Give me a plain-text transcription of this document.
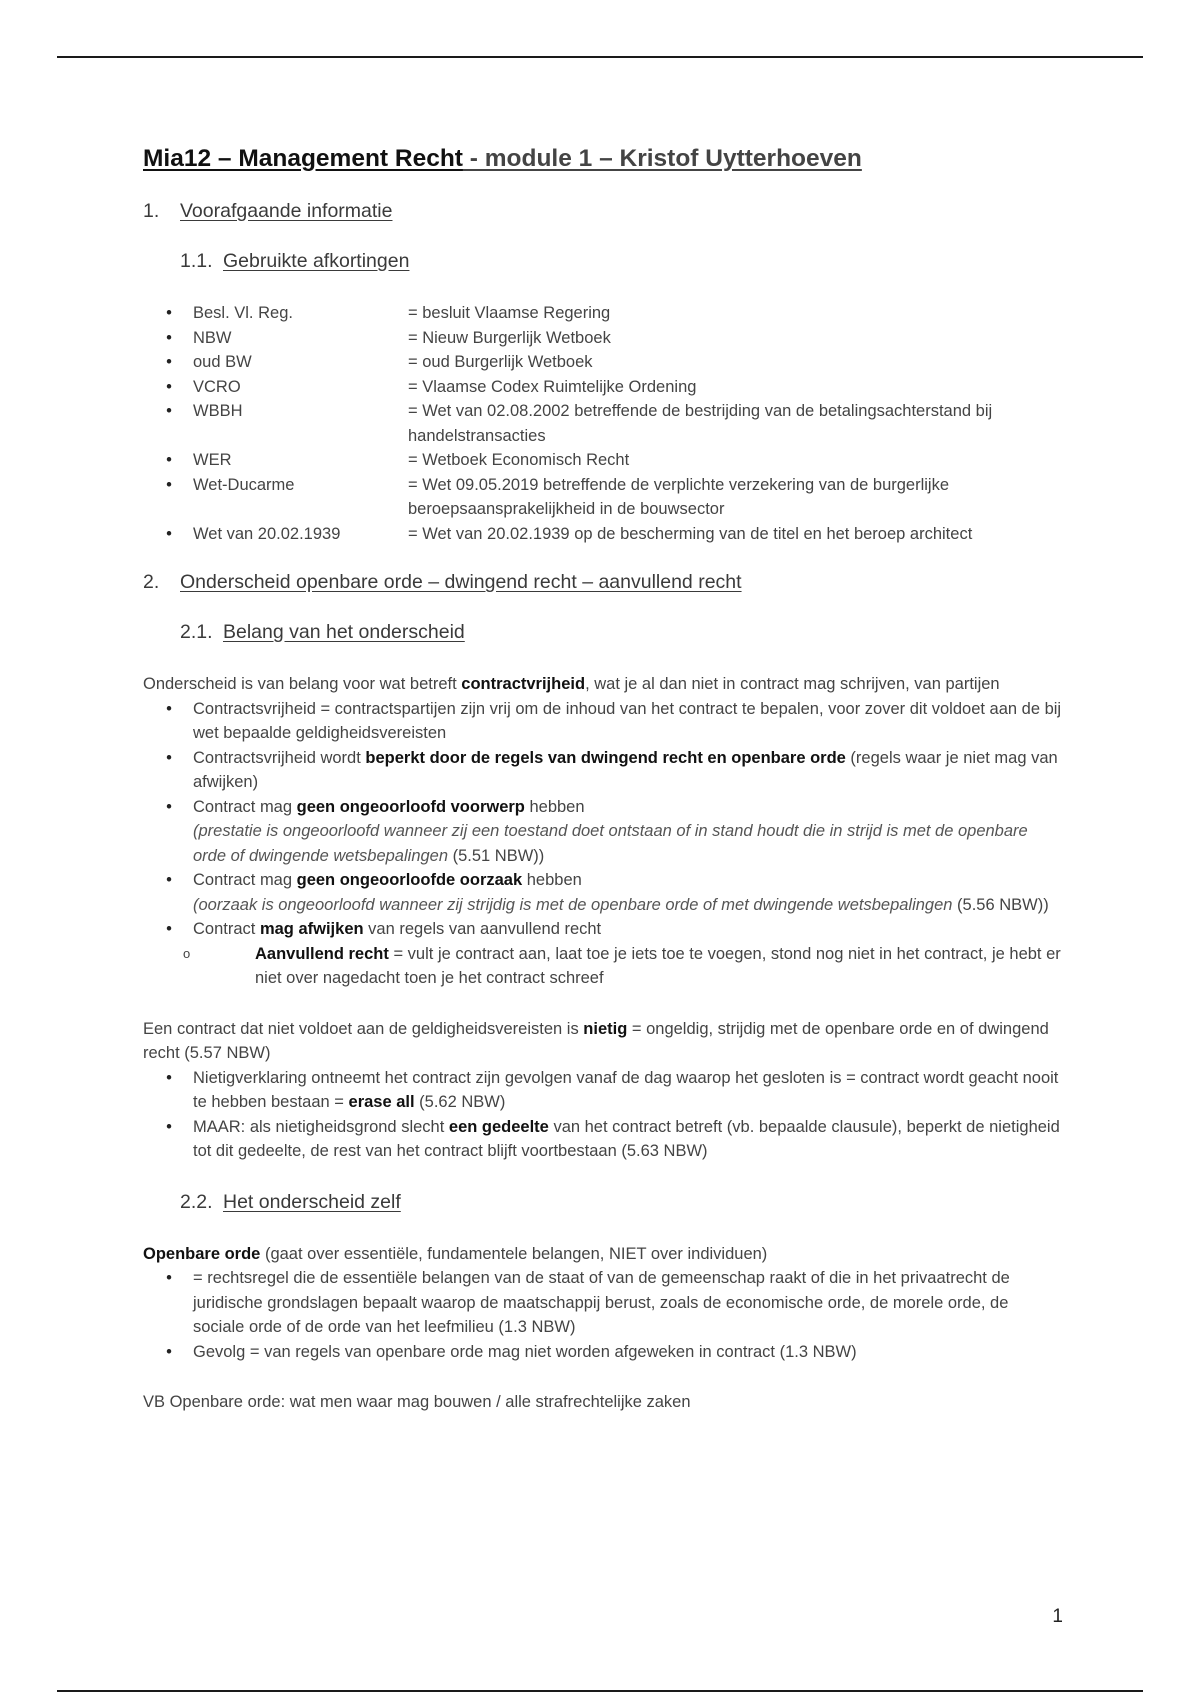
Mia12 – Management Recht - module 1 – Kristof Uytterhoeven
1.	Voorafgaande informatie
1.1. Gebruikte afkortingen
•	Besl. Vl. Reg.	= besluit Vlaamse Regering
•	NBW	= Nieuw Burgerlijk Wetboek
•	oud BW	= oud Burgerlijk Wetboek
•	VCRO	= Vlaamse Codex Ruimtelijke Ordening
•	WBBH	= Wet van 02.08.2002 betreffende de bestrijding van de betalingsachterstand bij handelstransacties
•	WER	= Wetboek Economisch Recht
•	Wet-Ducarme	= Wet 09.05.2019 betreffende de verplichte verzekering van de burgerlijke beroepsaansprakelijkheid in de bouwsector
•	Wet van 20.02.1939	= Wet van 20.02.1939 op de bescherming van de titel en het beroep architect
2.	Onderscheid openbare orde – dwingend recht – aanvullend recht
2.1. Belang van het onderscheid

Onderscheid is van belang voor wat betreft contractvrijheid, wat je al dan niet in contract mag schrijven, van partijen

•	Contractsvrijheid = contractspartijen zijn vrij om de inhoud van het contract te bepalen, voor zover dit voldoet aan de bij wet bepaalde geldigheidsvereisten
•	Contractsvrijheid wordt beperkt door de regels van dwingend recht en openbare orde (regels waar je niet mag van afwijken)
•	Contract mag geen ongeoorloofd voorwerp hebben
(prestatie is ongeoorloofd wanneer zij een toestand doet ontstaan of in stand houdt die in strijd is met de openbare orde of dwingende wetsbepalingen (5.51 NBW))
•	Contract mag geen ongeoorloofde oorzaak hebben
(oorzaak is ongeoorloofd wanneer zij strijdig is met de openbare orde of met dwingende wetsbepalingen (5.56 NBW))
•	Contract mag afwijken van regels van aanvullend recht
o	Aanvullend recht = vult je contract aan, laat toe je iets toe te voegen, stond nog niet in het contract, je hebt er niet over nagedacht toen je het contract schreef

Een contract dat niet voldoet aan de geldigheidsvereisten is nietig = ongeldig, strijdig met de openbare orde en of dwingend recht (5.57 NBW)

•	Nietigverklaring ontneemt het contract zijn gevolgen vanaf de dag waarop het gesloten is = contract wordt geacht nooit te hebben bestaan = erase all (5.62 NBW)
•	MAAR: als nietigheidsgrond slecht een gedeelte van het contract betreft (vb. bepaalde clausule), beperkt de nietigheid tot dit gedeelte, de rest van het contract blijft voortbestaan (5.63 NBW)
2.2. Het onderscheid zelf

Openbare orde (gaat over essentiële, fundamentele belangen, NIET over individuen)

•	= rechtsregel die de essentiële belangen van de staat of van de gemeenschap raakt of die in het privaatrecht de juridische grondslagen bepaalt waarop de maatschappij berust, zoals de economische orde, de morele orde, de sociale orde of de orde van het leefmilieu (1.3 NBW)
•	Gevolg = van regels van openbare orde mag niet worden afgeweken in contract (1.3 NBW)

VB Openbare orde: wat men waar mag bouwen / alle strafrechtelijke zaken

1
